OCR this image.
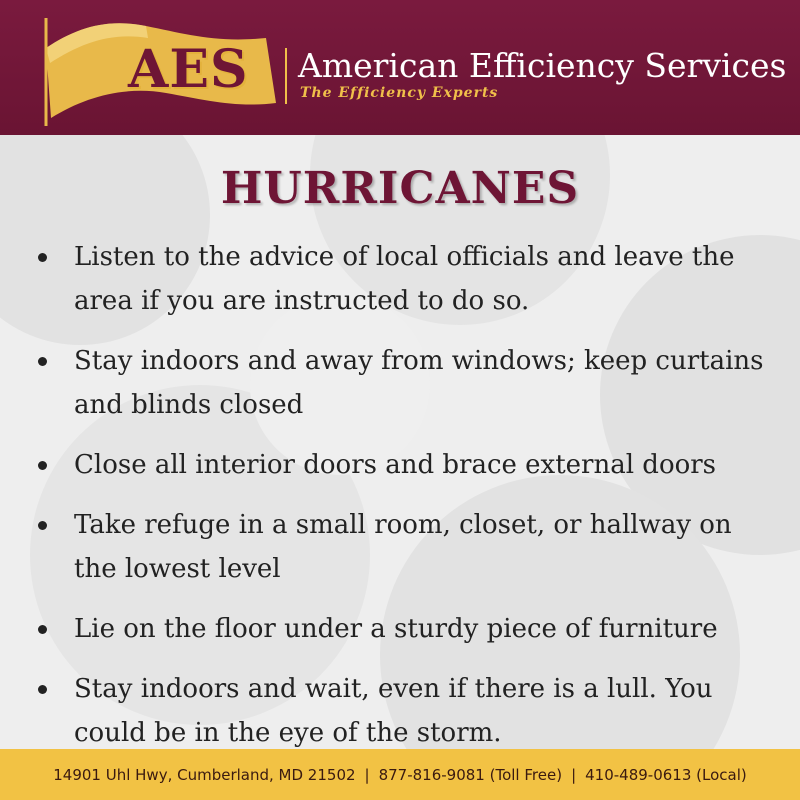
AES American Efficiency Services
The Efficiency Experts
HURRICANES
Listen to the advice of local officials and leave the area if you are instructed to do so.
Stay indoors and away from windows; keep curtains and blinds closed
Close all interior doors and brace external doors
Take refuge in a small room, closet, or hallway on the lowest level
Lie on the floor under a sturdy piece of furniture
Stay indoors and wait, even if there is a lull. You could be in the eye of the storm.
14901 Uhl Hwy, Cumberland, MD 21502 | 877-816-9081 (Toll Free) | 410-489-0613 (Local)
